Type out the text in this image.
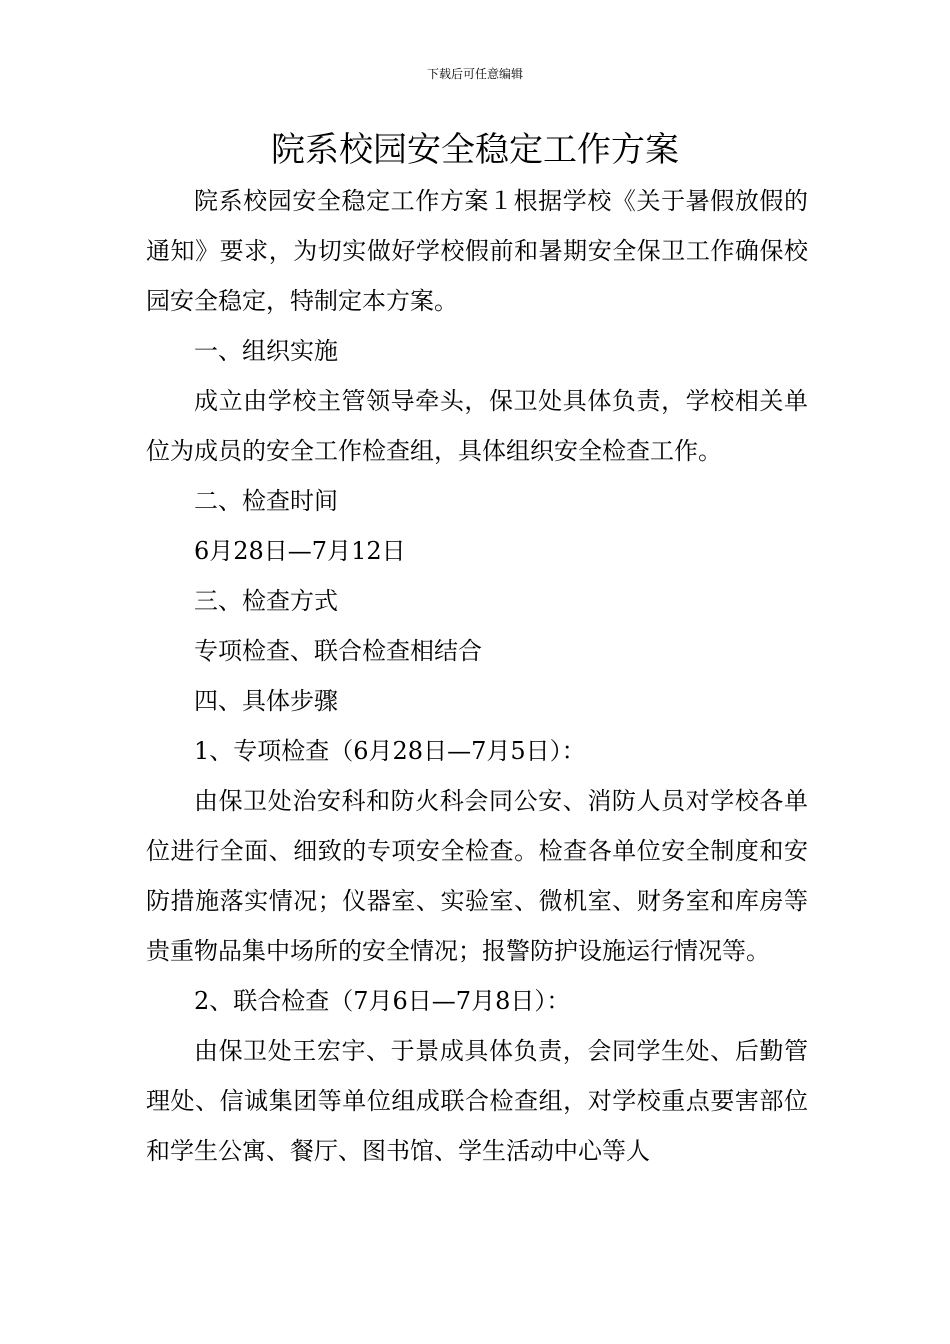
下载后可任意编辑
院系校园安全稳定工作方案

院系校园安全稳定工作方案１根据学校《关于暑假放假的通知》要求，为切实做好学校假前和暑期安全保卫工作确保校园安全稳定，特制定本方案。

一、组织实施

成立由学校主管领导牵头，保卫处具体负责，学校相关单位为成员的安全工作检查组，具体组织安全检查工作。

二、检查时间

6月28日—7月12日

三、检查方式

专项检查、联合检查相结合

四、具体步骤

1、专项检查（6月28日—7月5日）：

由保卫处治安科和防火科会同公安、消防人员对学校各单位进行全面、细致的专项安全检查。检查各单位安全制度和安防措施落实情况；仪器室、实验室、微机室、财务室和库房等贵重物品集中场所的安全情况；报警防护设施运行情况等。

2、联合检查（7月6日—7月8日）：

由保卫处王宏宇、于景成具体负责，会同学生处、后勤管理处、信诚集团等单位组成联合检查组，对学校重点要害部位和学生公寓、餐厅、图书馆、学生活动中心等人
